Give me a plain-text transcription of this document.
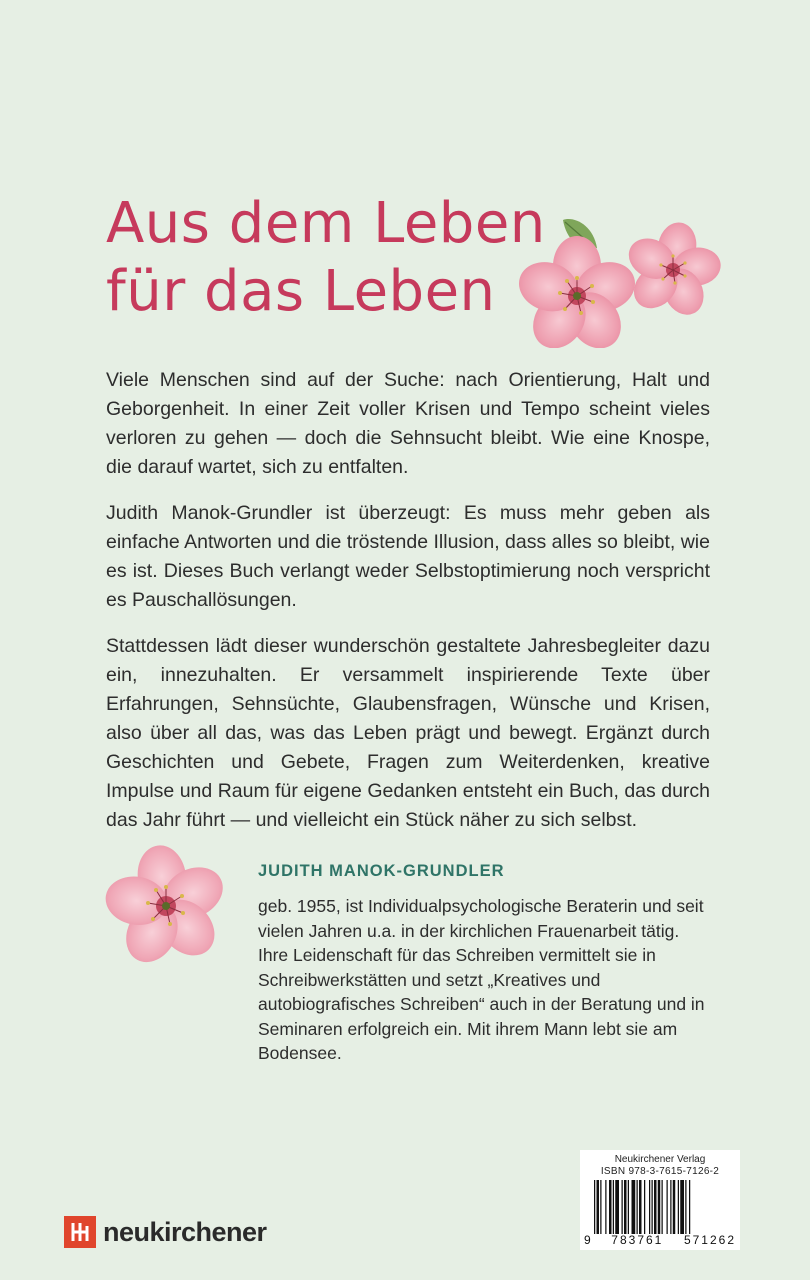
Aus dem Leben
für das Leben

Viele Menschen sind auf der Suche: nach Orientierung, Halt und Geborgenheit. In einer Zeit voller Krisen und Tempo scheint vieles verloren zu gehen — doch die Sehnsucht bleibt. Wie eine Knospe, die darauf wartet, sich zu entfalten.

Judith Manok-Grundler ist überzeugt: Es muss mehr geben als einfache Antworten und die tröstende Illusion, dass alles so bleibt, wie es ist. Dieses Buch verlangt weder Selbstoptimierung noch verspricht es Pauschallösungen.

Stattdessen lädt dieser wunderschön gestaltete Jahresbegleiter dazu ein, innezuhalten. Er versammelt inspirierende Texte über Erfahrungen, Sehnsüchte, Glaubensfragen, Wünsche und Krisen, also über all das, was das Leben prägt und bewegt. Ergänzt durch Geschichten und Gebete, Fragen zum Weiterdenken, kreative Impulse und Raum für eigene Gedanken entsteht ein Buch, das durch das Jahr führt — und vielleicht ein Stück näher zu sich selbst.

JUDITH MANOK-GRUNDLER
geb. 1955, ist Individualpsychologische Beraterin und seit vielen Jahren u.a. in der kirchlichen Frauenarbeit tätig. Ihre Leidenschaft für das Schreiben vermittelt sie in Schreibwerkstätten und setzt „Kreatives und autobiografisches Schreiben“ auch in der Beratung und in Seminaren erfolgreich ein. Mit ihrem Mann lebt sie am Bodensee.
neukirchener
Neukirchener Verlag
ISBN 978-3-7615-7126-2
9 783761 571262
